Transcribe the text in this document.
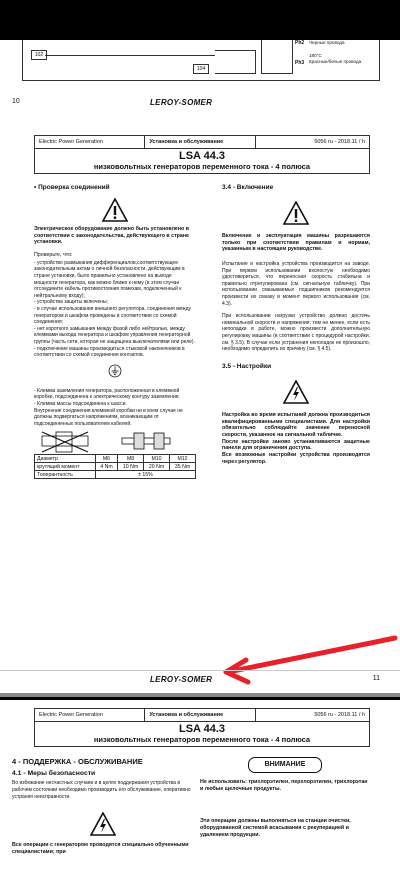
102
104
Ph2
Ph3
Черные провода
180°C
Красные/белые провода
10	LEROY-SOMER
Electric Power Generation	Установка и обслуживание	5056 ru - 2018.11 / h
LSA 44.3
низковольтных генераторов переменного тока - 4 полюса
• Проверка соединений
Электрическое оборудование должно быть установлено в соответствии с законодательства, действующего в стране установки.
Проверьте, что:
- устройство размыкания дифференциалов,соответствующее законодательным актам о личной безопасности, действующим в стране установки, было правильно установлено на выходе мощности генератора, как можно ближе к нему (в этом случае отсоедините кабель противостояния помехам, подключенный к нейтральному входу);
- устройства защиты включены;
- в случае использования внешнего регулятора, соединения между генератором и шкафом проведены в соответствии со схемой соединения;
- нет короткого замыкания между фазой либо нейтралью, между клеммами выхода генератора и шкафом управления генераторной группы (часть сети, которая не защищена выключателями или реле).
- подключение машины производиться стыковой наконечников в соответствии со схемой соединения контактов.
- Клемма заземления генератора, расположенная в клеммной коробке, подсоединена к электрическому контуру заземления.
- Клемма массы подсоединена к шасси.
Внутренние соединения клеммной коробки ни в коем случае не должны подвергаться напряжениям, возникающим от подсоединенных пользователем кабелей.
Диаметр	M6	M8	M10	M12
крутящий момент	4 Nm	10 Nm	20 Nm	35 Nm
Толерантность	± 15%			
3.4 - Включение
Включение и эксплуатация машины разрешаются только при соответствии правилам и нормам, указанным в настоящем руководстве.
Испытание и настройка устройства производится на заводе. При первом использовании вхолостую необходимо удостовериться, что переносная скорость стабильна и правильно отрегулирована (см. сигнальную табличку). При использовании смазываемых подшипников рекомендуется произвести их смазку в момент первого использования (см. 4.3).
При использовании нагрузки устройство должно достичь номинальной скорости и напряжения; тем не менее, если есть неполадки в работе, можно произвести дополнительную регулировку машины (в соответствии с процедурой настройки, см. § 3.5). В случае если устранения неполадок не произошло, необходимо определить их причину (см. § 4.5).
3.5 - Настройки
Настройка во время испытаний должна производиться квалифицированными специалистами. Для настройки обязательно соблюдайте значение переносной скорости, указанное на сигнальной табличке.
После настройки заново устанавливаются защитные панели для ограничения доступа.
Все возможные настройки устройства производятся через регулятор.
LEROY-SOMER	11
Electric Power Generation	Установка и обслуживание	5056 ru - 2018.11 / h
LSA 44.3
низковольтных генераторов переменного тока - 4 полюса
4 - ПОДДЕРЖКА - ОБСЛУЖИВАНИЕ
4.1 - Меры безопасности
Во избежание несчастных случаев и в целях поддержания устройства в рабочем состоянии необходимо производить его обслуживание, оперативно устраняя неисправности.
Все операции с генератором проводятся специально обученными специалистами; при
ВНИМАНИЕ
Не использовать: трихлорэтилен, перхлорэтилен, трихлорэтан и любые щелочные продукты.
Эти операции должны выполняться на станции очистки, оборудованной системой всасывания с рекуперацией и удалением продукции.
